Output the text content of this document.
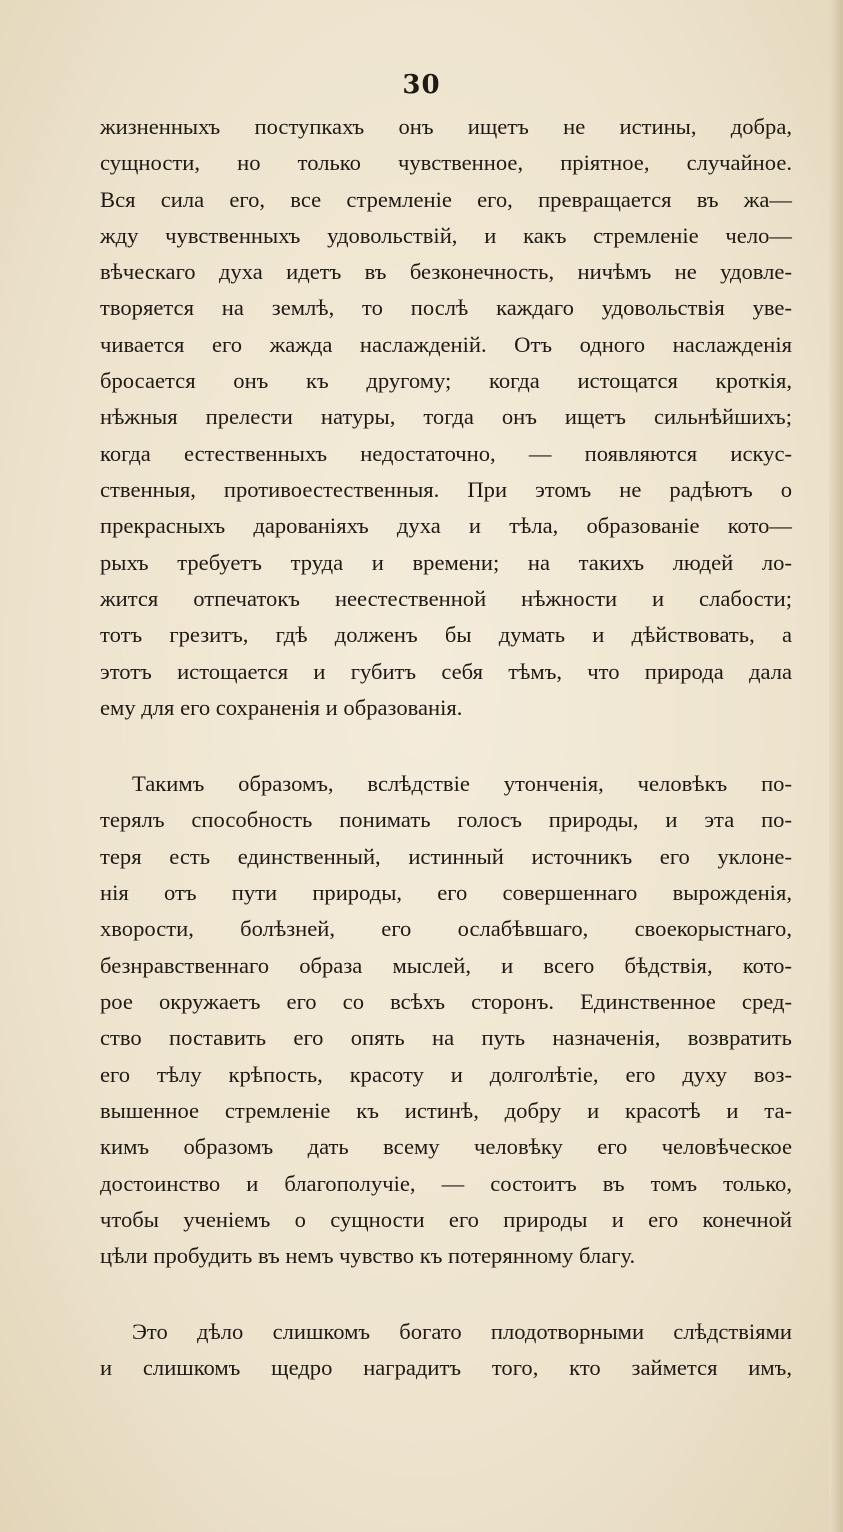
30
жизненныхъ поступкахъ онъ ищетъ не истины, добра,
сущности, но только чувственное, пріятное, случайное.
Вся сила его, все стремленіе его, превращается въ жа—
жду чувственныхъ удовольствій, и какъ стремленіе чело—
вѣческаго духа идетъ въ безконечность, ничѣмъ не удовле-
творяется на землѣ, то послѣ каждаго удовольствія уве-
чивается его жажда наслажденій. Отъ одного наслажденія
бросается онъ къ другому; когда истощатся кроткія,
нѣжныя прелести натуры, тогда онъ ищетъ сильнѣйшихъ;
когда естественныхъ недостаточно, — появляются искус-
ственныя, противоестественныя. При этомъ не радѣютъ о
прекрасныхъ дарованіяхъ духа и тѣла, образованіе кото—
рыхъ требуетъ труда и времени; на такихъ людей ло-
жится отпечатокъ неестественной нѣжности и слабости;
тотъ грезитъ, гдѣ долженъ бы думать и дѣйствовать, а
этотъ истощается и губитъ себя тѣмъ, что природа дала
ему для его сохраненія и образованія.
Такимъ образомъ, вслѣдствіе утонченія, человѣкъ по-
терялъ способность понимать голосъ природы, и эта по-
теря есть единственный, истинный источникъ его уклоне-
нія отъ пути природы, его совершеннаго вырожденія,
хворости, болѣзней, его ослабѣвшаго, своекорыстнаго,
безнравственнаго образа мыслей, и всего бѣдствія, кото-
рое окружаетъ его со всѣхъ сторонъ. Единственное сред-
ство поставить его опять на путь назначенія, возвратить
его тѣлу крѣпость, красоту и долголѣтіе, его духу воз-
вышенное стремленіе къ истинѣ, добру и красотѣ и та-
кимъ образомъ дать всему человѣку его человѣческое
достоинство и благополучіе, — состоитъ въ томъ только,
чтобы ученіемъ о сущности его природы и его конечной
цѣли пробудить въ немъ чувство къ потерянному благу.
Это дѣло слишкомъ богато плодотворными слѣдствіями
и слишкомъ щедро наградитъ того, кто займется имъ,
